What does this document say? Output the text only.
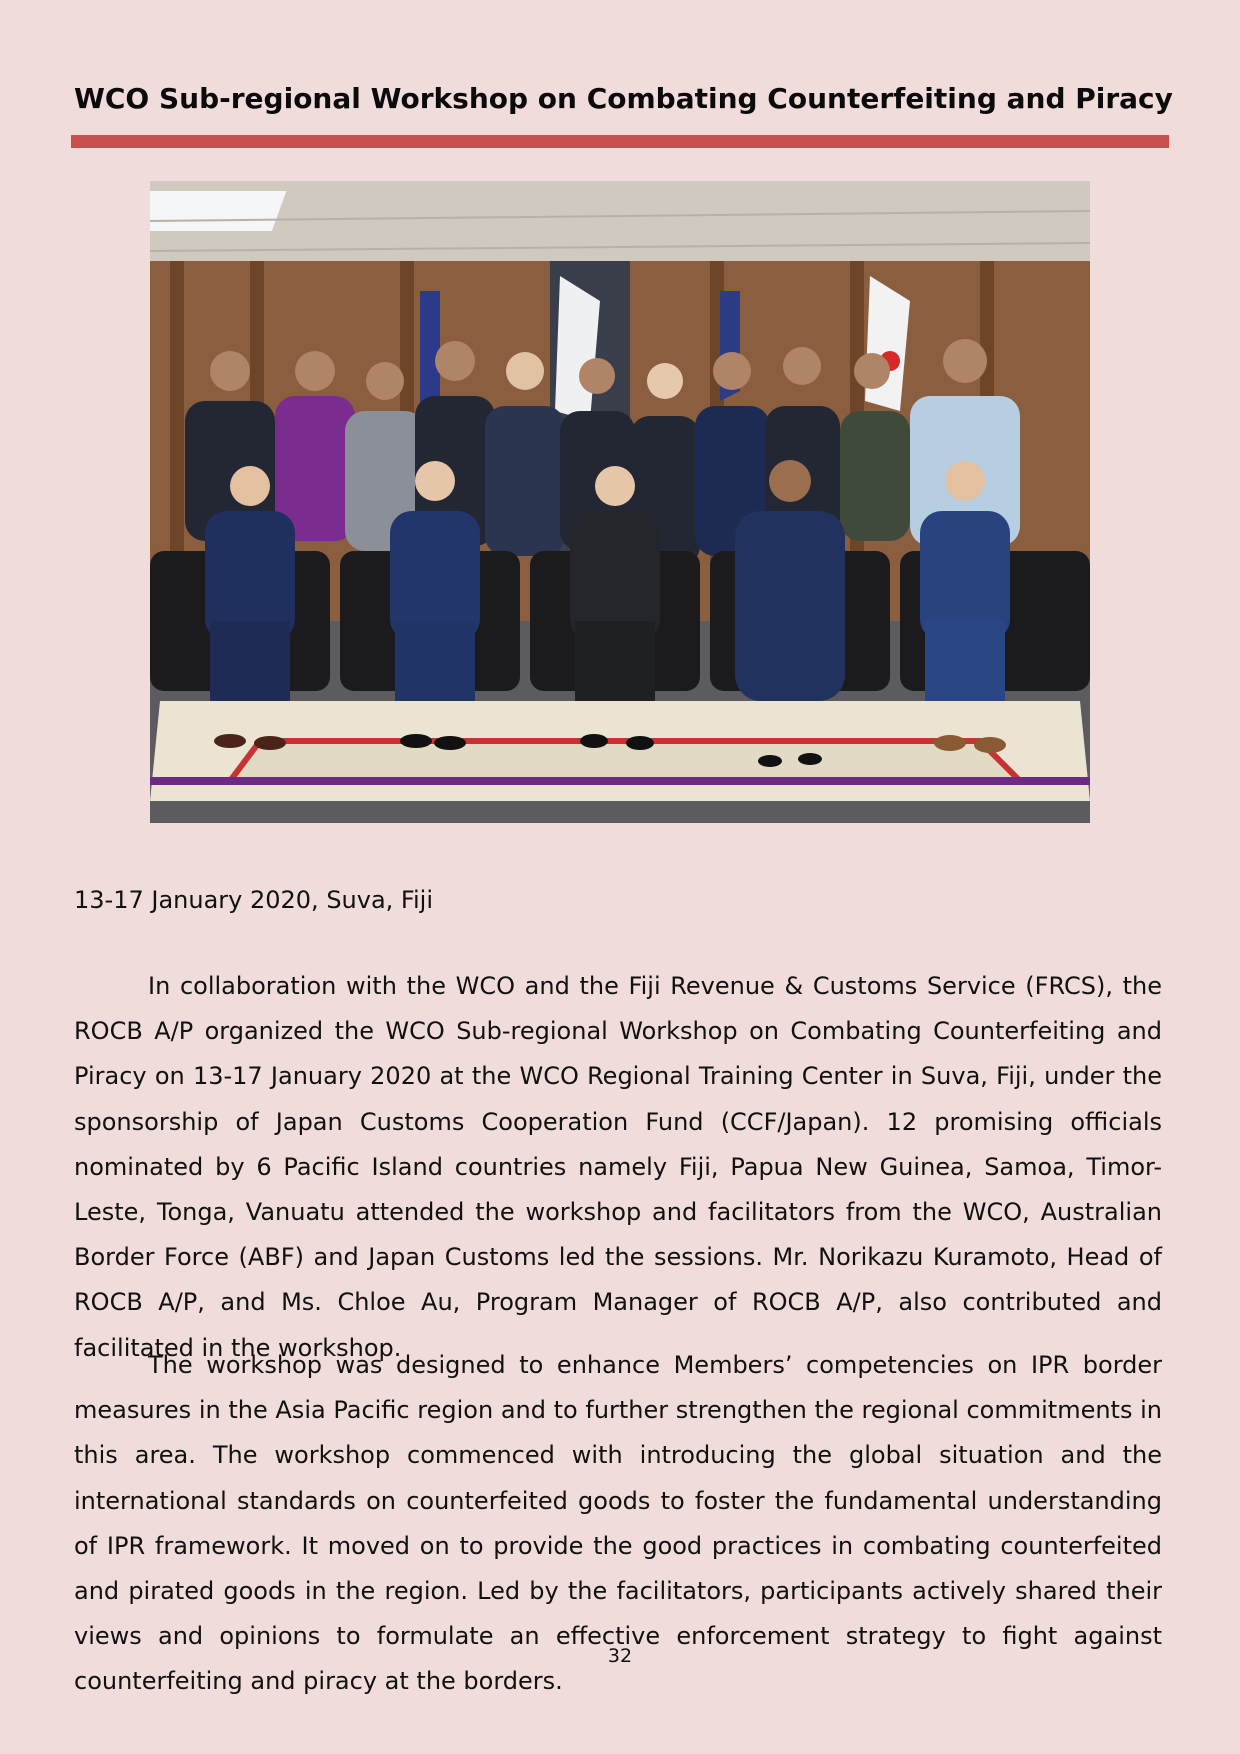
WCO Sub-regional Workshop on Combating Counterfeiting and Piracy
13-17 January 2020, Suva, Fiji

In collaboration with the WCO and the Fiji Revenue & Customs Service (FRCS), the ROCB A/P organized the WCO Sub-regional Workshop on Combating Counterfeiting and Piracy on 13-17 January 2020 at the WCO Regional Training Center in Suva, Fiji, under the sponsorship of Japan Customs Cooperation Fund (CCF/Japan). 12 promising officials nominated by 6 Pacific Island countries namely Fiji, Papua New Guinea, Samoa, Timor-Leste, Tonga, Vanuatu attended the workshop and facilitators from the WCO, Australian Border Force (ABF) and Japan Customs led the sessions. Mr. Norikazu Kuramoto, Head of ROCB A/P, and Ms. Chloe Au, Program Manager of ROCB A/P, also contributed and facilitated in the workshop.

The workshop was designed to enhance Members’ competencies on IPR border measures in the Asia Pacific region and to further strengthen the regional commitments in this area. The workshop commenced with introducing the global situation and the international standards on counterfeited goods to foster the fundamental understanding of IPR framework. It moved on to provide the good practices in combating counterfeited and pirated goods in the region. Led by the facilitators, participants actively shared their views and opinions to formulate an effective enforcement strategy to fight against counterfeiting and piracy at the borders.

32
